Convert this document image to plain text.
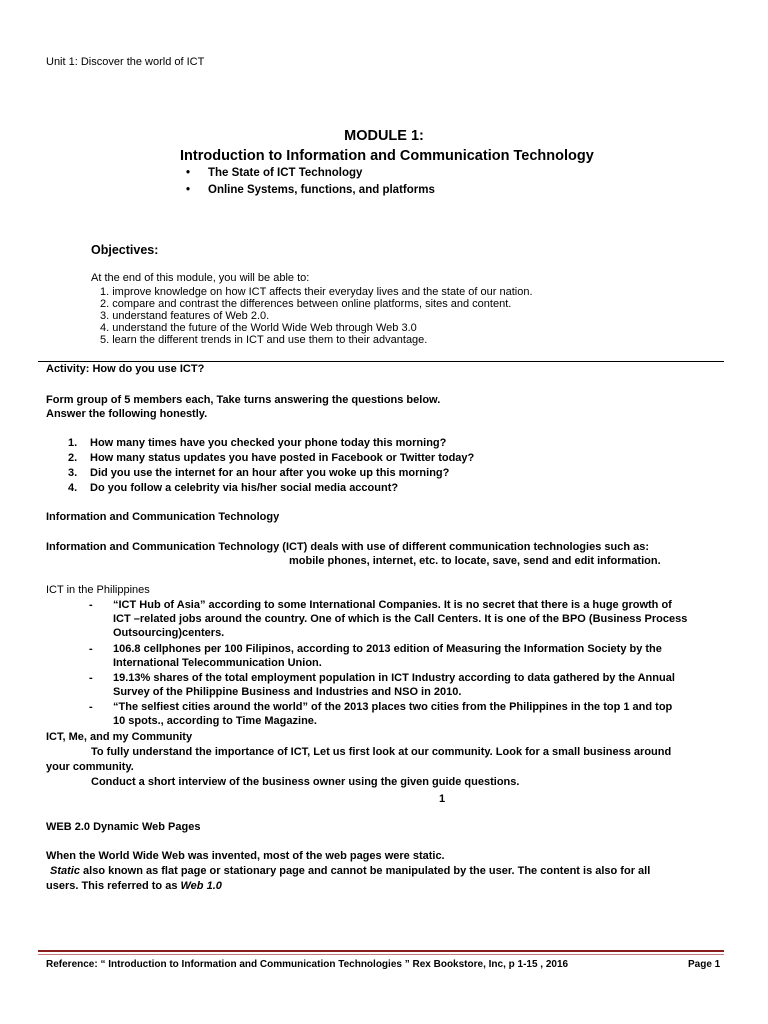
Unit 1: Discover the world of ICT
MODULE 1:
Introduction to Information and Communication Technology
• The State of ICT Technology
• Online Systems, functions, and platforms
Objectives:
At the end of this module, you will be able to:
1. improve knowledge on how ICT affects their everyday lives and the state of our nation.
2. compare and contrast the differences between online platforms, sites and content.
3. understand features of Web 2.0.
4. understand the future of the World Wide Web through Web 3.0
5. learn the different trends in ICT and use them to their advantage.
Activity: How do you use ICT?
Form group of 5 members each, Take turns answering the questions below.
Answer the following honestly.
1. How many times have you checked your phone today this morning?
2. How many status updates you have posted in Facebook or Twitter today?
3. Did you use the internet for an hour after you woke up this morning?
4. Do you follow a celebrity via his/her social media account?
Information and Communication Technology
Information and Communication Technology (ICT) deals with use of different communication technologies such as:
mobile phones, internet, etc. to locate, save, send and edit information.
ICT in the Philippines
- “ICT Hub of Asia” according to some International Companies. It is no secret that there is a huge growth of
ICT –related jobs around the country. One of which is the Call Centers. It is one of the BPO (Business Process
Outsourcing)centers.
- 106.8 cellphones per 100 Filipinos, according to 2013 edition of Measuring the Information Society by the
International Telecommunication Union.
- 19.13% shares of the total employment population in ICT Industry according to data gathered by the Annual
Survey of the Philippine Business and Industries and NSO in 2010.
- “The selfiest cities around the world” of the 2013 places two cities from the Philippines in the top 1 and top
10 spots., according to Time Magazine.
ICT, Me, and my Community
To fully understand the importance of ICT, Let us first look at our community. Look for a small business around
your community.
Conduct a short interview of the business owner using the given guide questions.
1
WEB 2.0 Dynamic Web Pages
When the World Wide Web was invented, most of the web pages were static.
Static also known as flat page or stationary page and cannot be manipulated by the user. The content is also for all
users. This referred to as Web 1.0
Reference: “ Introduction to Information and Communication Technologies ” Rex Bookstore, Inc, p 1-15 , 2016	Page 1
